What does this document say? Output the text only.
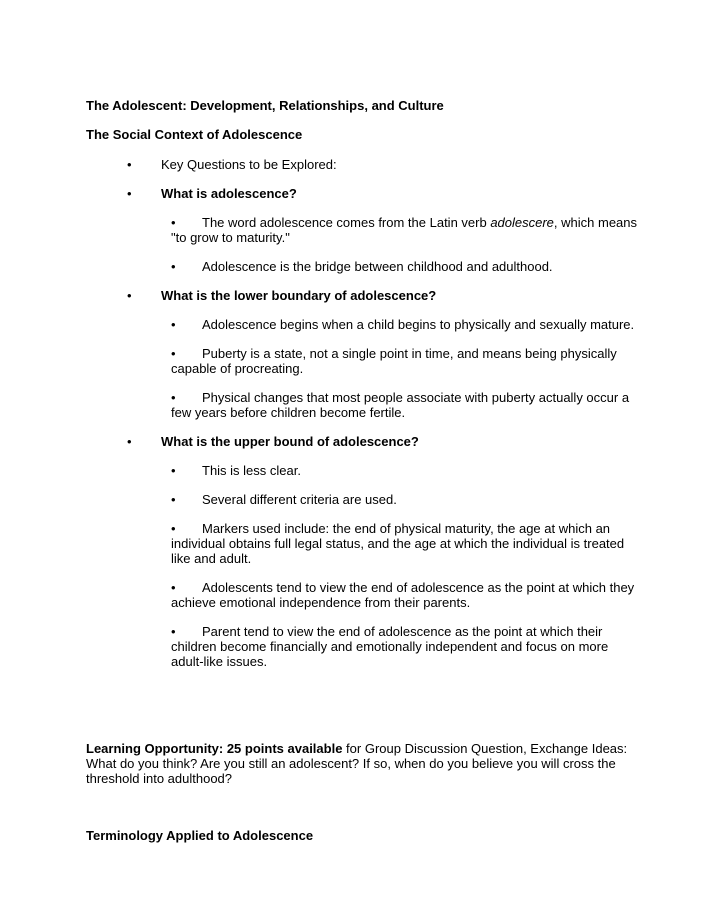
The Adolescent: Development, Relationships, and Culture

The Social Context of Adolescence

• Key Questions to be Explored:
• What is adolescence?
• The word adolescence comes from the Latin verb adolescere, which means "to grow to maturity."
• Adolescence is the bridge between childhood and adulthood.
• What is the lower boundary of adolescence?
• Adolescence begins when a child begins to physically and sexually mature.
• Puberty is a state, not a single point in time, and means being physically capable of procreating.
• Physical changes that most people associate with puberty actually occur a few years before children become fertile.
• What is the upper bound of adolescence?
• This is less clear.
• Several different criteria are used.
• Markers used include: the end of physical maturity, the age at which an individual obtains full legal status, and the age at which the individual is treated like and adult.
• Adolescents tend to view the end of adolescence as the point at which they achieve emotional independence from their parents.
• Parent tend to view the end of adolescence as the point at which their children become financially and emotionally independent and focus on more adult-like issues.
Learning Opportunity: 25 points available for Group Discussion Question, Exchange Ideas: What do you think? Are you still an adolescent? If so, when do you believe you will cross the threshold into adulthood?

Terminology Applied to Adolescence
